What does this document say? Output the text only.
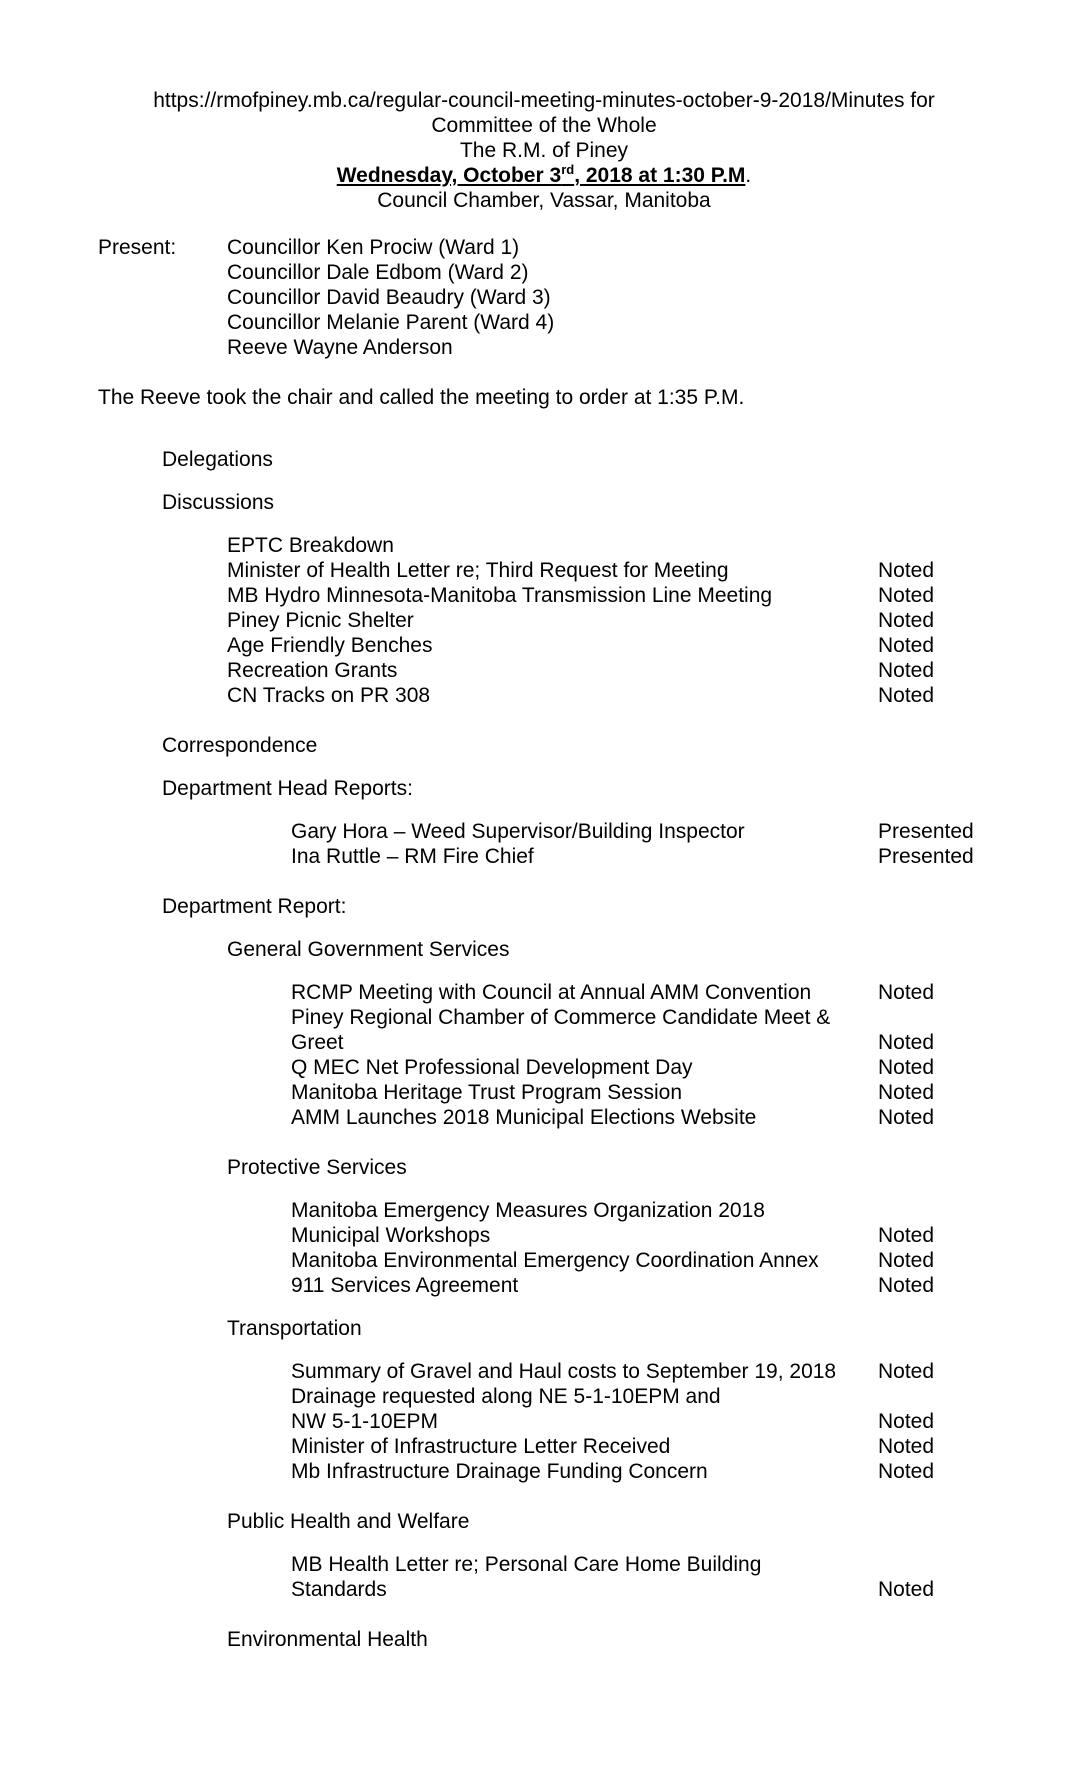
https://rmofpiney.mb.ca/regular-council-meeting-minutes-october-9-2018/Minutes for
Committee of the Whole
The R.M. of Piney
Wednesday, October 3rd, 2018 at 1:30 P.M.
Council Chamber, Vassar, Manitoba
Present: Councillor Ken Prociw (Ward 1)
Councillor Dale Edbom (Ward 2)
Councillor David Beaudry (Ward 3)
Councillor Melanie Parent (Ward 4)
Reeve Wayne Anderson
The Reeve took the chair and called the meeting to order at 1:35 P.M.
Delegations
Discussions
EPTC Breakdown
Minister of Health Letter re; Third Request for Meeting	Noted
MB Hydro Minnesota-Manitoba Transmission Line Meeting	Noted
Piney Picnic Shelter	Noted
Age Friendly Benches	Noted
Recreation Grants	Noted
CN Tracks on PR 308	Noted
Correspondence
Department Head Reports:
Gary Hora – Weed Supervisor/Building Inspector	Presented
Ina Ruttle – RM Fire Chief	Presented
Department Report:
General Government Services
RCMP Meeting with Council at Annual AMM Convention	Noted
Piney Regional Chamber of Commerce Candidate Meet &
Greet	Noted
Q MEC Net Professional Development Day	Noted
Manitoba Heritage Trust Program Session	Noted
AMM Launches 2018 Municipal Elections Website	Noted
Protective Services
Manitoba Emergency Measures Organization 2018
Municipal Workshops	Noted
Manitoba Environmental Emergency Coordination Annex	Noted
911 Services Agreement	Noted
Transportation
Summary of Gravel and Haul costs to September 19, 2018 Noted
Drainage requested along NE 5-1-10EPM and
NW 5-1-10EPM	Noted
Minister of Infrastructure Letter Received	Noted
Mb Infrastructure Drainage Funding Concern	Noted
Public Health and Welfare
MB Health Letter re; Personal Care Home Building
Standards	Noted
Environmental Health
